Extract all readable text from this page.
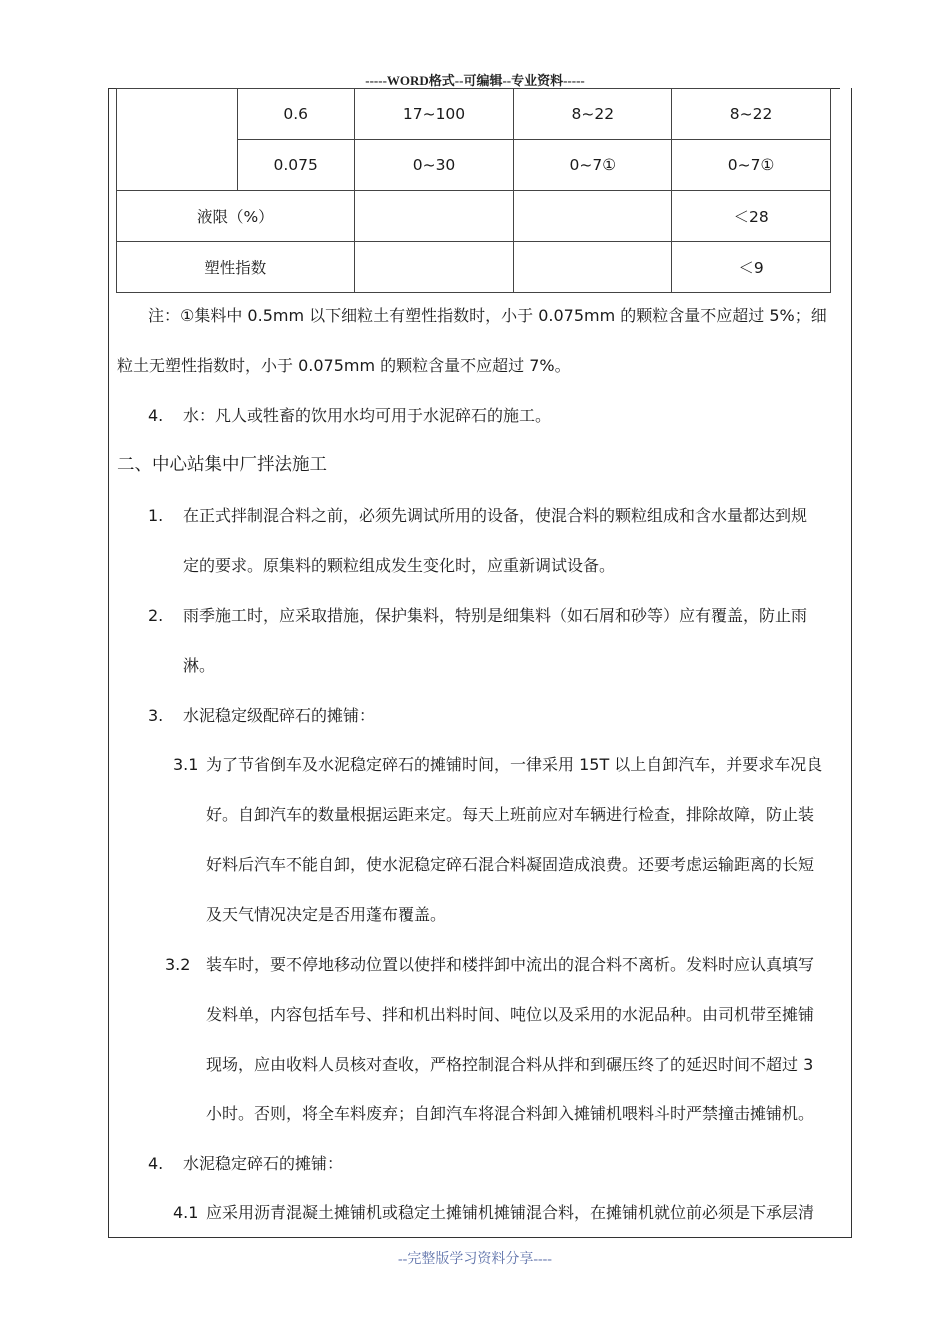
-----WORD格式--可编辑--专业资料-----
	0.6	17~100	8~22	8~22
	0.075	0~30	0~7①	0~7①
液限（%）				＜28
塑性指数				＜9
注：①集料中 0.5mm 以下细粒土有塑性指数时，小于 0.075mm 的颗粒含量不应超过 5%；细
粒土无塑性指数时，小于 0.075mm 的颗粒含量不应超过 7%。
4. 水：凡人或牲畜的饮用水均可用于水泥碎石的施工。
二、中心站集中厂拌法施工
1. 在正式拌制混合料之前，必须先调试所用的设备，使混合料的颗粒组成和含水量都达到规
定的要求。原集料的颗粒组成发生变化时，应重新调试设备。
2. 雨季施工时，应采取措施，保护集料，特别是细集料（如石屑和砂等）应有覆盖，防止雨
淋。
3. 水泥稳定级配碎石的摊铺：
3.1 为了节省倒车及水泥稳定碎石的摊铺时间，一律采用 15T 以上自卸汽车，并要求车况良
好。自卸汽车的数量根据运距来定。每天上班前应对车辆进行检查，排除故障，防止装
好料后汽车不能自卸，使水泥稳定碎石混合料凝固造成浪费。还要考虑运输距离的长短
及天气情况决定是否用蓬布覆盖。
3.2 装车时，要不停地移动位置以使拌和楼拌卸中流出的混合料不离析。发料时应认真填写
发料单，内容包括车号、拌和机出料时间、吨位以及采用的水泥品种。由司机带至摊铺
现场，应由收料人员核对查收，严格控制混合料从拌和到碾压终了的延迟时间不超过 3
小时。否则，将全车料废弃；自卸汽车将混合料卸入摊铺机喂料斗时严禁撞击摊铺机。
4. 水泥稳定碎石的摊铺：
4.1 应采用沥青混凝土摊铺机或稳定土摊铺机摊铺混合料，在摊铺机就位前必须是下承层清
--完整版学习资料分享----
